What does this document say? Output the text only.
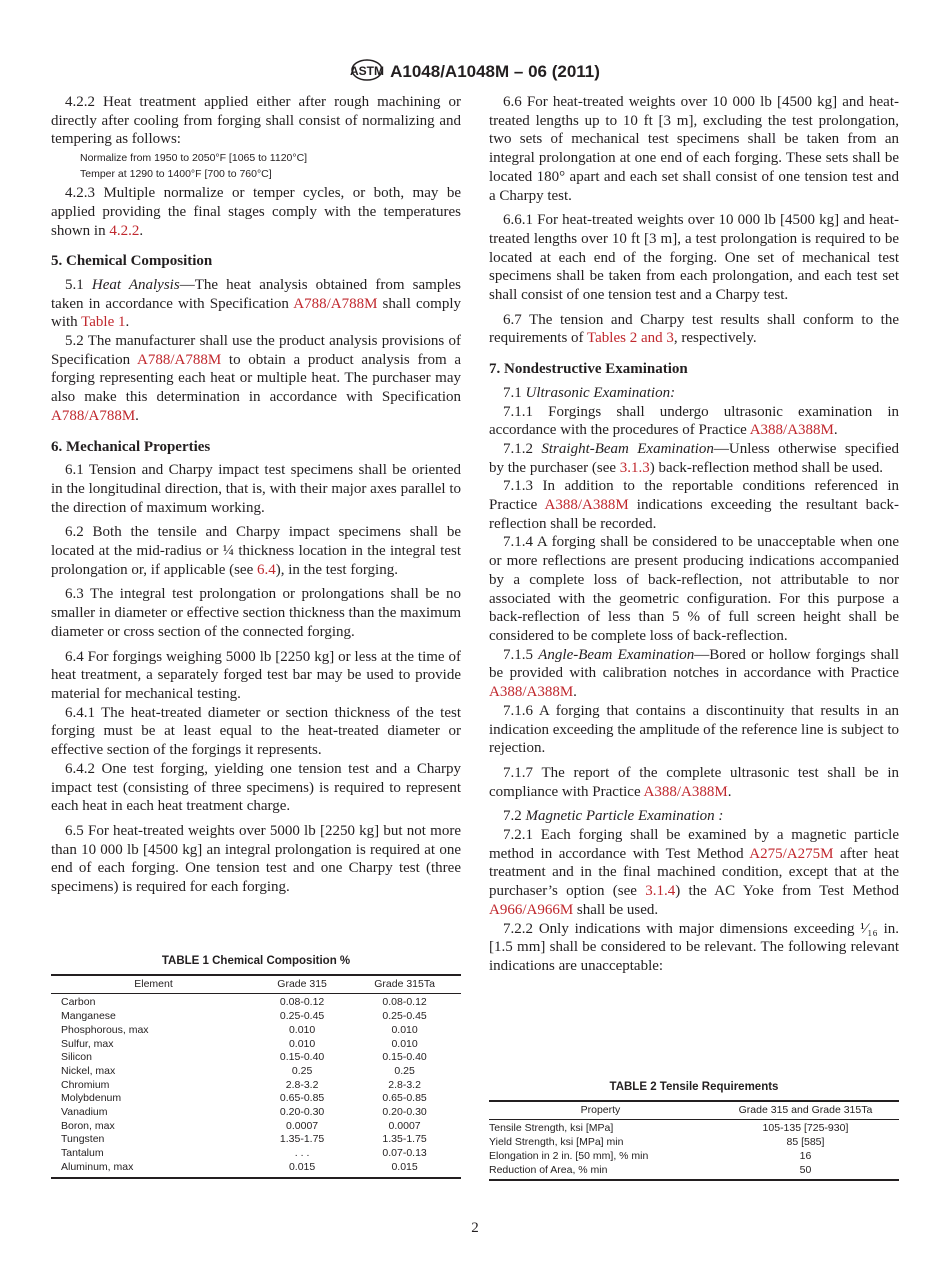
ASTM A1048/A1048M – 06 (2011)

4.2.2 Heat treatment applied either after rough machining or directly after cooling from forging shall consist of normalizing and tempering as follows:

Normalize from 1950 to 2050°F [1065 to 1120°C]
Temper at 1290 to 1400°F [700 to 760°C]

4.2.3 Multiple normalize or temper cycles, or both, may be applied providing the final stages comply with the temperatures shown in 4.2.2.

5. Chemical Composition

5.1 Heat Analysis—The heat analysis obtained from samples taken in accordance with Specification A788/A788M shall comply with Table 1.

5.2 The manufacturer shall use the product analysis provisions of Specification A788/A788M to obtain a product analysis from a forging representing each heat or multiple heat. The purchaser may also make this determination in accordance with Specification A788/A788M.

6. Mechanical Properties

6.1 Tension and Charpy impact test specimens shall be oriented in the longitudinal direction, that is, with their major axes parallel to the direction of maximum working.

6.2 Both the tensile and Charpy impact specimens shall be located at the mid-radius or ¼ thickness location in the integral test prolongation or, if applicable (see 6.4), in the test forging.

6.3 The integral test prolongation or prolongations shall be no smaller in diameter or effective section thickness than the maximum diameter or cross section of the connected forging.

6.4 For forgings weighing 5000 lb [2250 kg] or less at the time of heat treatment, a separately forged test bar may be used to provide material for mechanical testing.

6.4.1 The heat-treated diameter or section thickness of the test forging must be at least equal to the heat-treated diameter or effective section of the forgings it represents.

6.4.2 One test forging, yielding one tension test and a Charpy impact test (consisting of three specimens) is required to represent each heat in each heat treatment charge.

6.5 For heat-treated weights over 5000 lb [2250 kg] but not more than 10 000 lb [4500 kg] an integral prolongation is required at one end of each forging. One tension test and one Charpy test (three specimens) is required for each forging.

6.6 For heat-treated weights over 10 000 lb [4500 kg] and heat-treated lengths up to 10 ft [3 m], excluding the test prolongation, two sets of mechanical test specimens shall be taken from an integral prolongation at one end of each forging. These sets shall be located 180° apart and each set shall consist of one tension test and a Charpy test.

6.6.1 For heat-treated weights over 10 000 lb [4500 kg] and heat-treated lengths over 10 ft [3 m], a test prolongation is required to be located at each end of the forging. One set of mechanical test specimens shall be taken from each prolongation, and each test set shall consist of one tension test and a Charpy test.

6.7 The tension and Charpy test results shall conform to the requirements of Tables 2 and 3, respectively.

7. Nondestructive Examination

7.1 Ultrasonic Examination:

7.1.1 Forgings shall undergo ultrasonic examination in accordance with the procedures of Practice A388/A388M.

7.1.2 Straight-Beam Examination—Unless otherwise specified by the purchaser (see 3.1.3) back-reflection method shall be used.

7.1.3 In addition to the reportable conditions referenced in Practice A388/A388M indications exceeding the resultant back-reflection shall be recorded.

7.1.4 A forging shall be considered to be unacceptable when one or more reflections are present producing indications accompanied by a complete loss of back-reflection, not attributable to nor associated with the geometric configuration. For this purpose a back-reflection of less than 5 % of full screen height shall be considered to be complete loss of back-reflection.

7.1.5 Angle-Beam Examination—Bored or hollow forgings shall be provided with calibration notches in accordance with Practice A388/A388M.

7.1.6 A forging that contains a discontinuity that results in an indication exceeding the amplitude of the reference line is subject to rejection.

7.1.7 The report of the complete ultrasonic test shall be in compliance with Practice A388/A388M.

7.2 Magnetic Particle Examination :

7.2.1 Each forging shall be examined by a magnetic particle method in accordance with Test Method A275/A275M after heat treatment and in the final machined condition, except that at the purchaser’s option (see 3.1.4) the AC Yoke from Test Method A966/A966M shall be used.

7.2.2 Only indications with major dimensions exceeding ¹⁄₁₆ in. [1.5 mm] shall be considered to be relevant. The following relevant indications are unacceptable:

TABLE 1 Chemical Composition %
Element	Grade 315	Grade 315Ta
Carbon	0.08-0.12	0.08-0.12
Manganese	0.25-0.45	0.25-0.45
Phosphorous, max	0.010	0.010
Sulfur, max	0.010	0.010
Silicon	0.15-0.40	0.15-0.40
Nickel, max	0.25	0.25
Chromium	2.8-3.2	2.8-3.2
Molybdenum	0.65-0.85	0.65-0.85
Vanadium	0.20-0.30	0.20-0.30
Boron, max	0.0007	0.0007
Tungsten	1.35-1.75	1.35-1.75
Tantalum	. . .	0.07-0.13
Aluminum, max	0.015	0.015
TABLE 2 Tensile Requirements
Property	Grade 315 and Grade 315Ta
Tensile Strength, ksi [MPa]	105-135 [725-930]
Yield Strength, ksi [MPa] min	85 [585]
Elongation in 2 in. [50 mm], % min	16
Reduction of Area, % min	50
2
